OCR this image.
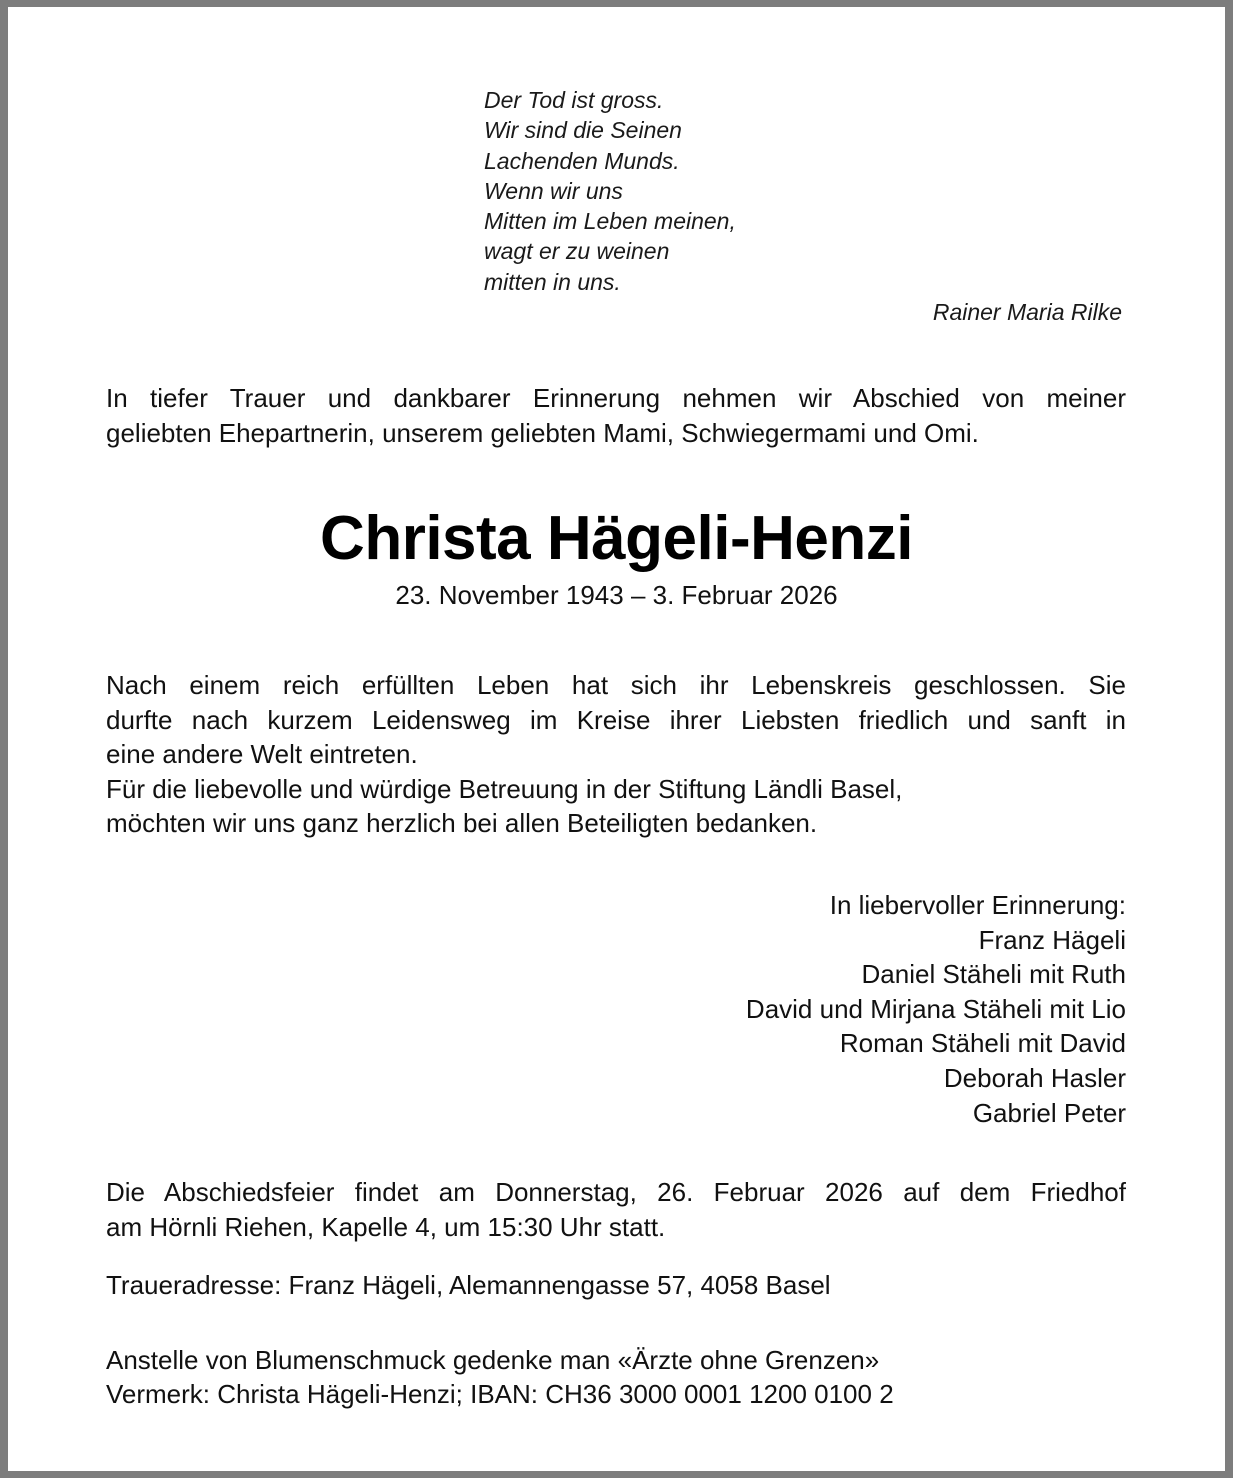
Der Tod ist gross.
Wir sind die Seinen
Lachenden Munds.
Wenn wir uns
Mitten im Leben meinen,
wagt er zu weinen
mitten in uns.
Rainer Maria Rilke
In tiefer Trauer und dankbarer Erinnerung nehmen wir Abschied von meiner
geliebten Ehepartnerin, unserem geliebten Mami, Schwiegermami und Omi.
Christa Hägeli-Henzi
23. November 1943 – 3. Februar 2026
Nach einem reich erfüllten Leben hat sich ihr Lebenskreis geschlossen. Sie
durfte nach kurzem Leidensweg im Kreise ihrer Liebsten friedlich und sanft in
eine andere Welt eintreten.
Für die liebevolle und würdige Betreuung in der Stiftung Ländli Basel,
möchten wir uns ganz herzlich bei allen Beteiligten bedanken.
In liebervoller Erinnerung:
Franz Hägeli
Daniel Stäheli mit Ruth
David und Mirjana Stäheli mit Lio
Roman Stäheli mit David
Deborah Hasler
Gabriel Peter
Die Abschiedsfeier findet am Donnerstag, 26. Februar 2026 auf dem Friedhof
am Hörnli Riehen, Kapelle 4, um 15:30 Uhr statt.
Traueradresse: Franz Hägeli, Alemannengasse 57, 4058 Basel
Anstelle von Blumenschmuck gedenke man «Ärzte ohne Grenzen»
Vermerk: Christa Hägeli-Henzi; IBAN: CH36 3000 0001 1200 0100 2
